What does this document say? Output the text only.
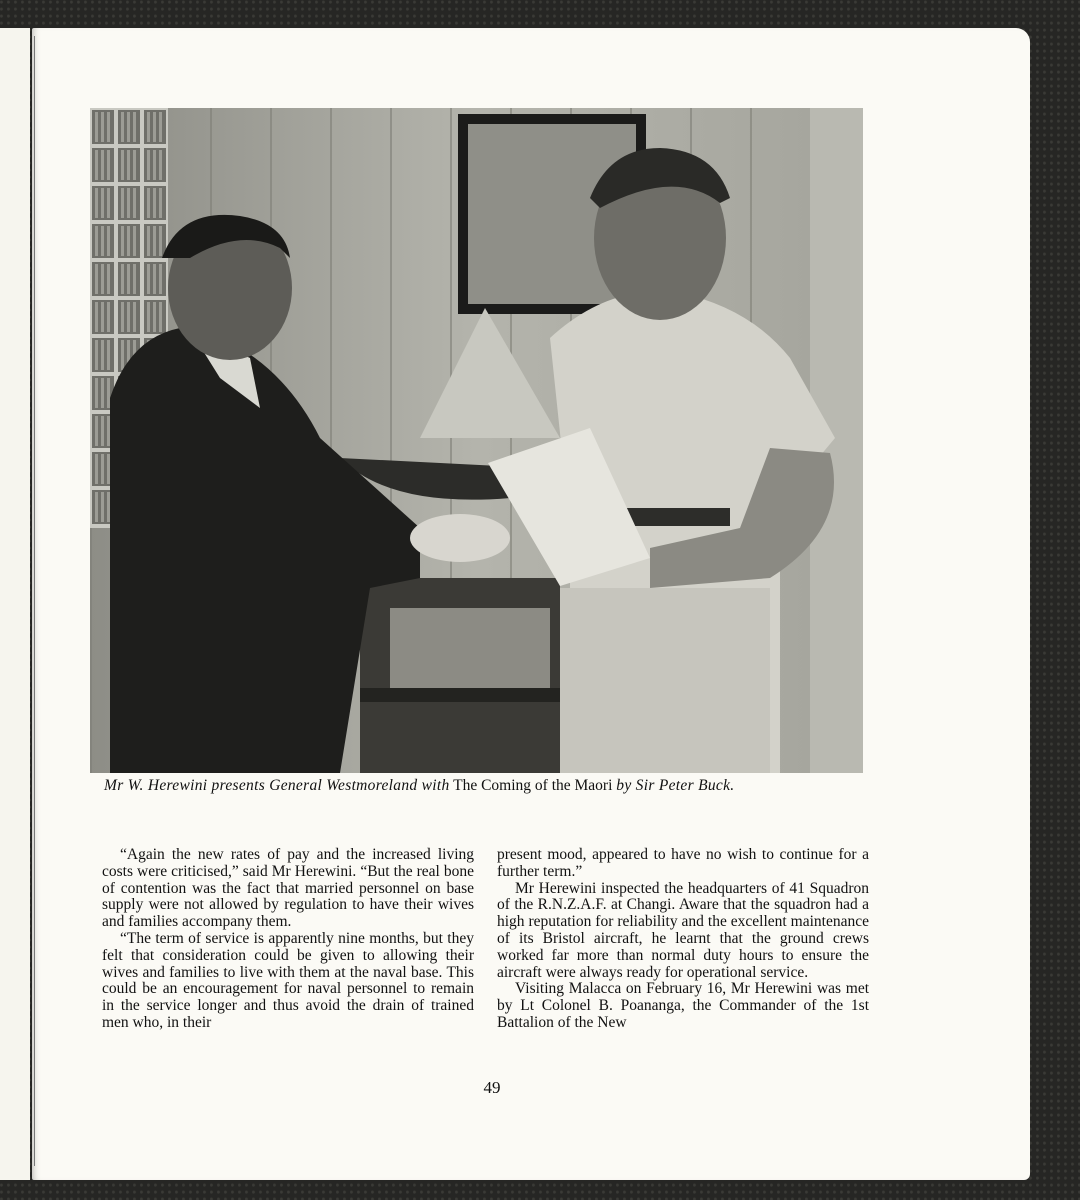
Mr W. Herewini presents General Westmoreland with The Coming of the Maori by Sir Peter Buck.

“Again the new rates of pay and the increased living costs were criticised,” said Mr Herewini. “But the real bone of contention was the fact that married personnel on base supply were not allowed by regulation to have their wives and families accompany them.

“The term of service is apparently nine months, but they felt that consideration could be given to allowing their wives and families to live with them at the naval base. This could be an encouragement for naval personnel to remain in the service longer and thus avoid the drain of trained men who, in their

present mood, appeared to have no wish to continue for a further term.”

Mr Herewini inspected the headquarters of 41 Squadron of the R.N.Z.A.F. at Changi. Aware that the squadron had a high reputation for reliability and the excellent maintenance of its Bristol aircraft, he learnt that the ground crews worked far more than normal duty hours to ensure the aircraft were always ready for operational service.

Visiting Malacca on February 16, Mr Herewini was met by Lt Colonel B. Poananga, the Commander of the 1st Battalion of the New

49
